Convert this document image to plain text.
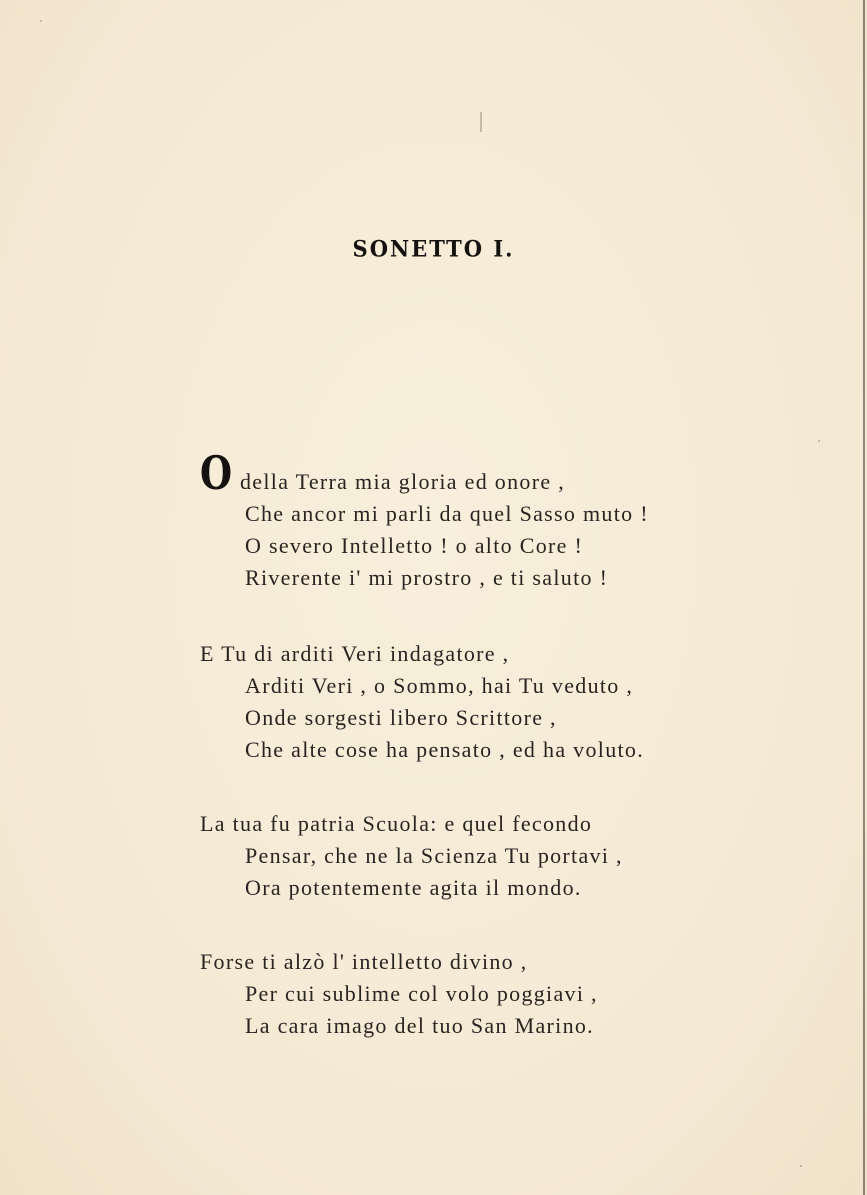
SONETTO I.
O della Terra mia gloria ed onore ,
Che ancor mi parli da quel Sasso muto !
O severo Intelletto ! o alto Core !
Riverente i' mi prostro , e ti saluto !
E Tu di arditi Veri indagatore ,
Arditi Veri , o Sommo, hai Tu veduto ,
Onde sorgesti libero Scrittore ,
Che alte cose ha pensato , ed ha voluto.
La tua fu patria Scuola: e quel fecondo
Pensar, che ne la Scienza Tu portavi ,
Ora potentemente agita il mondo.
Forse ti alzò l' intelletto divino ,
Per cui sublime col volo poggiavi ,
La cara imago del tuo San Marino.
